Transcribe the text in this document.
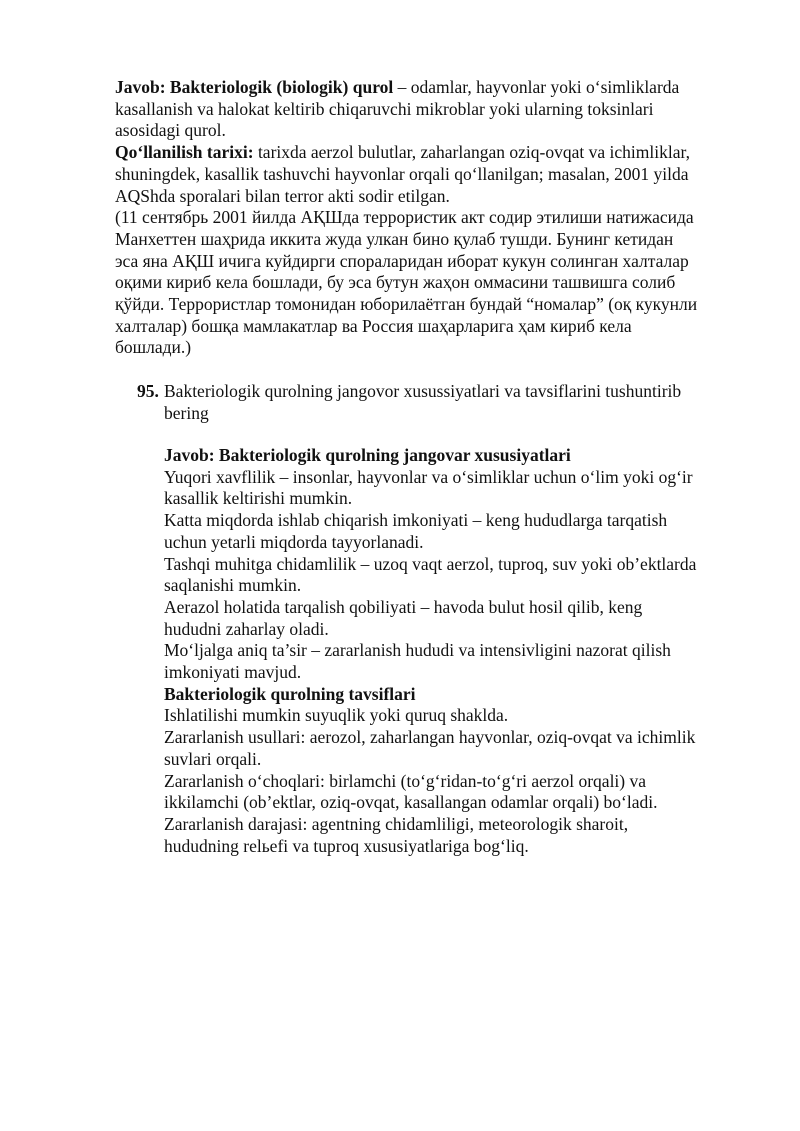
Javob: Bakteriologik (biologik) qurol – odamlar, hayvonlar yoki o‘simliklarda
kasallanish va halokat keltirib chiqaruvchi mikroblar yoki ularning toksinlari
asosidagi qurol.
Qo‘llanilish tarixi: tarixda aerzol bulutlar, zaharlangan oziq-ovqat va ichimliklar,
shuningdek, kasallik tashuvchi hayvonlar orqali qo‘llanilgan; masalan, 2001 yilda
AQShda sporalari bilan terror akti sodir etilgan.
(11 сентябрь 2001 йилда АҚШда террористик акт содир этилиши натижасида
Манхеттен шаҳрида иккита жуда улкан бино қулаб тушди. Бунинг кетидан
эса яна АҚШ ичига куйдирги спораларидан иборат кукун солинган халталар
оқими кириб кела бошлади, бу эса бутун жаҳон оммасини ташвишга солиб
қўйди. Террористлар томонидан юборилаётган бундай “номалар” (оқ кукунли
халталар) бошқа мамлакатлар ва Россия шаҳарларига ҳам кириб кела
бошлади.)
95. Bakteriologik qurolning jangovor xusussiyatlari va tavsiflarini tushuntirib
bering
Javob: Bakteriologik qurolning jangovar xususiyatlari
Yuqori xavflilik – insonlar, hayvonlar va o‘simliklar uchun o‘lim yoki og‘ir
kasallik keltirishi mumkin.
Katta miqdorda ishlab chiqarish imkoniyati – keng hududlarga tarqatish
uchun yetarli miqdorda tayyorlanadi.
Tashqi muhitga chidamlilik – uzoq vaqt aerzol, tuproq, suv yoki ob’ektlarda
saqlanishi mumkin.
Aerazol holatida tarqalish qobiliyati – havoda bulut hosil qilib, keng
hududni zaharlay oladi.
Mo‘ljalga aniq ta’sir – zararlanish hududi va intensivligini nazorat qilish
imkoniyati mavjud.
Bakteriologik qurolning tavsiflari
Ishlatilishi mumkin suyuqlik yoki quruq shaklda.
Zararlanish usullari: aerozol, zaharlangan hayvonlar, oziq-ovqat va ichimlik
suvlari orqali.
Zararlanish o‘choqlari: birlamchi (to‘g‘ridan-to‘g‘ri aerzol orqali) va
ikkilamchi (ob’ektlar, oziq-ovqat, kasallangan odamlar orqali) bo‘ladi.
Zararlanish darajasi: agentning chidamliligi, meteorologik sharoit,
hududning relьefi va tuproq xususiyatlariga bog‘liq.
